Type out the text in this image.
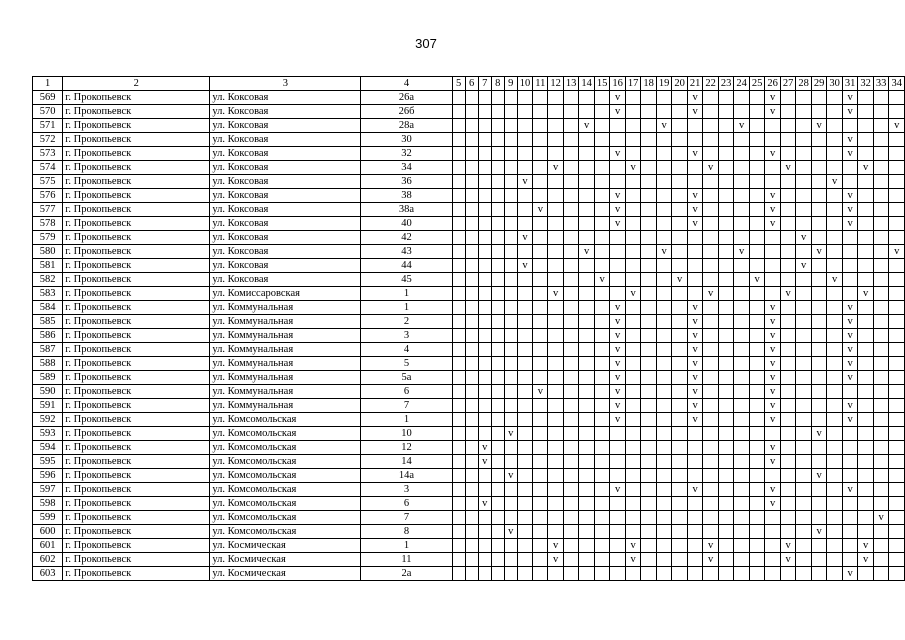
307
1	2	3	4	5	6	7	8	9	10	11	12	13	14	15	16	17	18	19	20	21	22	23	24	25	26	27	28	29	30	31	32	33	34
569	г. Прокопьевск	ул. Коксовая	26а												v					v					v					v			
570	г. Прокопьевск	ул. Коксовая	26б												v					v					v					v			
571	г. Прокопьевск	ул. Коксовая	28а										v					v					v					v					v
572	г. Прокопьевск	ул. Коксовая	30																											v			
573	г. Прокопьевск	ул. Коксовая	32												v					v					v					v			
574	г. Прокопьевск	ул. Коксовая	34								v					v					v					v					v		
575	г. Прокопьевск	ул. Коксовая	36						v																				v				
576	г. Прокопьевск	ул. Коксовая	38												v					v					v					v			
577	г. Прокопьевск	ул. Коксовая	38а							v					v					v					v					v			
578	г. Прокопьевск	ул. Коксовая	40												v					v					v					v			
579	г. Прокопьевск	ул. Коксовая	42						v																		v						
580	г. Прокопьевск	ул. Коксовая	43										v					v					v					v					v
581	г. Прокопьевск	ул. Коксовая	44						v																		v						
582	г. Прокопьевск	ул. Коксовая	45											v					v					v					v				
583	г. Прокопьевск	ул. Комиссаровская	1								v					v					v					v					v		
584	г. Прокопьевск	ул. Коммунальная	1												v					v					v					v			
585	г. Прокопьевск	ул. Коммунальная	2												v					v					v					v			
586	г. Прокопьевск	ул. Коммунальная	3												v					v					v					v			
587	г. Прокопьевск	ул. Коммунальная	4												v					v					v					v			
588	г. Прокопьевск	ул. Коммунальная	5												v					v					v					v			
589	г. Прокопьевск	ул. Коммунальная	5а												v					v					v					v			
590	г. Прокопьевск	ул. Коммунальная	6							v					v					v					v								
591	г. Прокопьевск	ул. Коммунальная	7												v					v					v					v			
592	г. Прокопьевск	ул. Комсомольская	1												v					v					v					v			
593	г. Прокопьевск	ул. Комсомольская	10					v																				v					
594	г. Прокопьевск	ул. Комсомольская	12			v																			v								
595	г. Прокопьевск	ул. Комсомольская	14			v																			v								
596	г. Прокопьевск	ул. Комсомольская	14а					v																				v					
597	г. Прокопьевск	ул. Комсомольская	3												v					v					v					v			
598	г. Прокопьевск	ул. Комсомольская	6			v																			v								
599	г. Прокопьевск	ул. Комсомольская	7																													v	
600	г. Прокопьевск	ул. Комсомольская	8					v																				v					
601	г. Прокопьевск	ул. Космическая	1								v					v					v					v					v		
602	г. Прокопьевск	ул. Космическая	11								v					v					v					v					v		
603	г. Прокопьевск	ул. Космическая	2а																											v			
